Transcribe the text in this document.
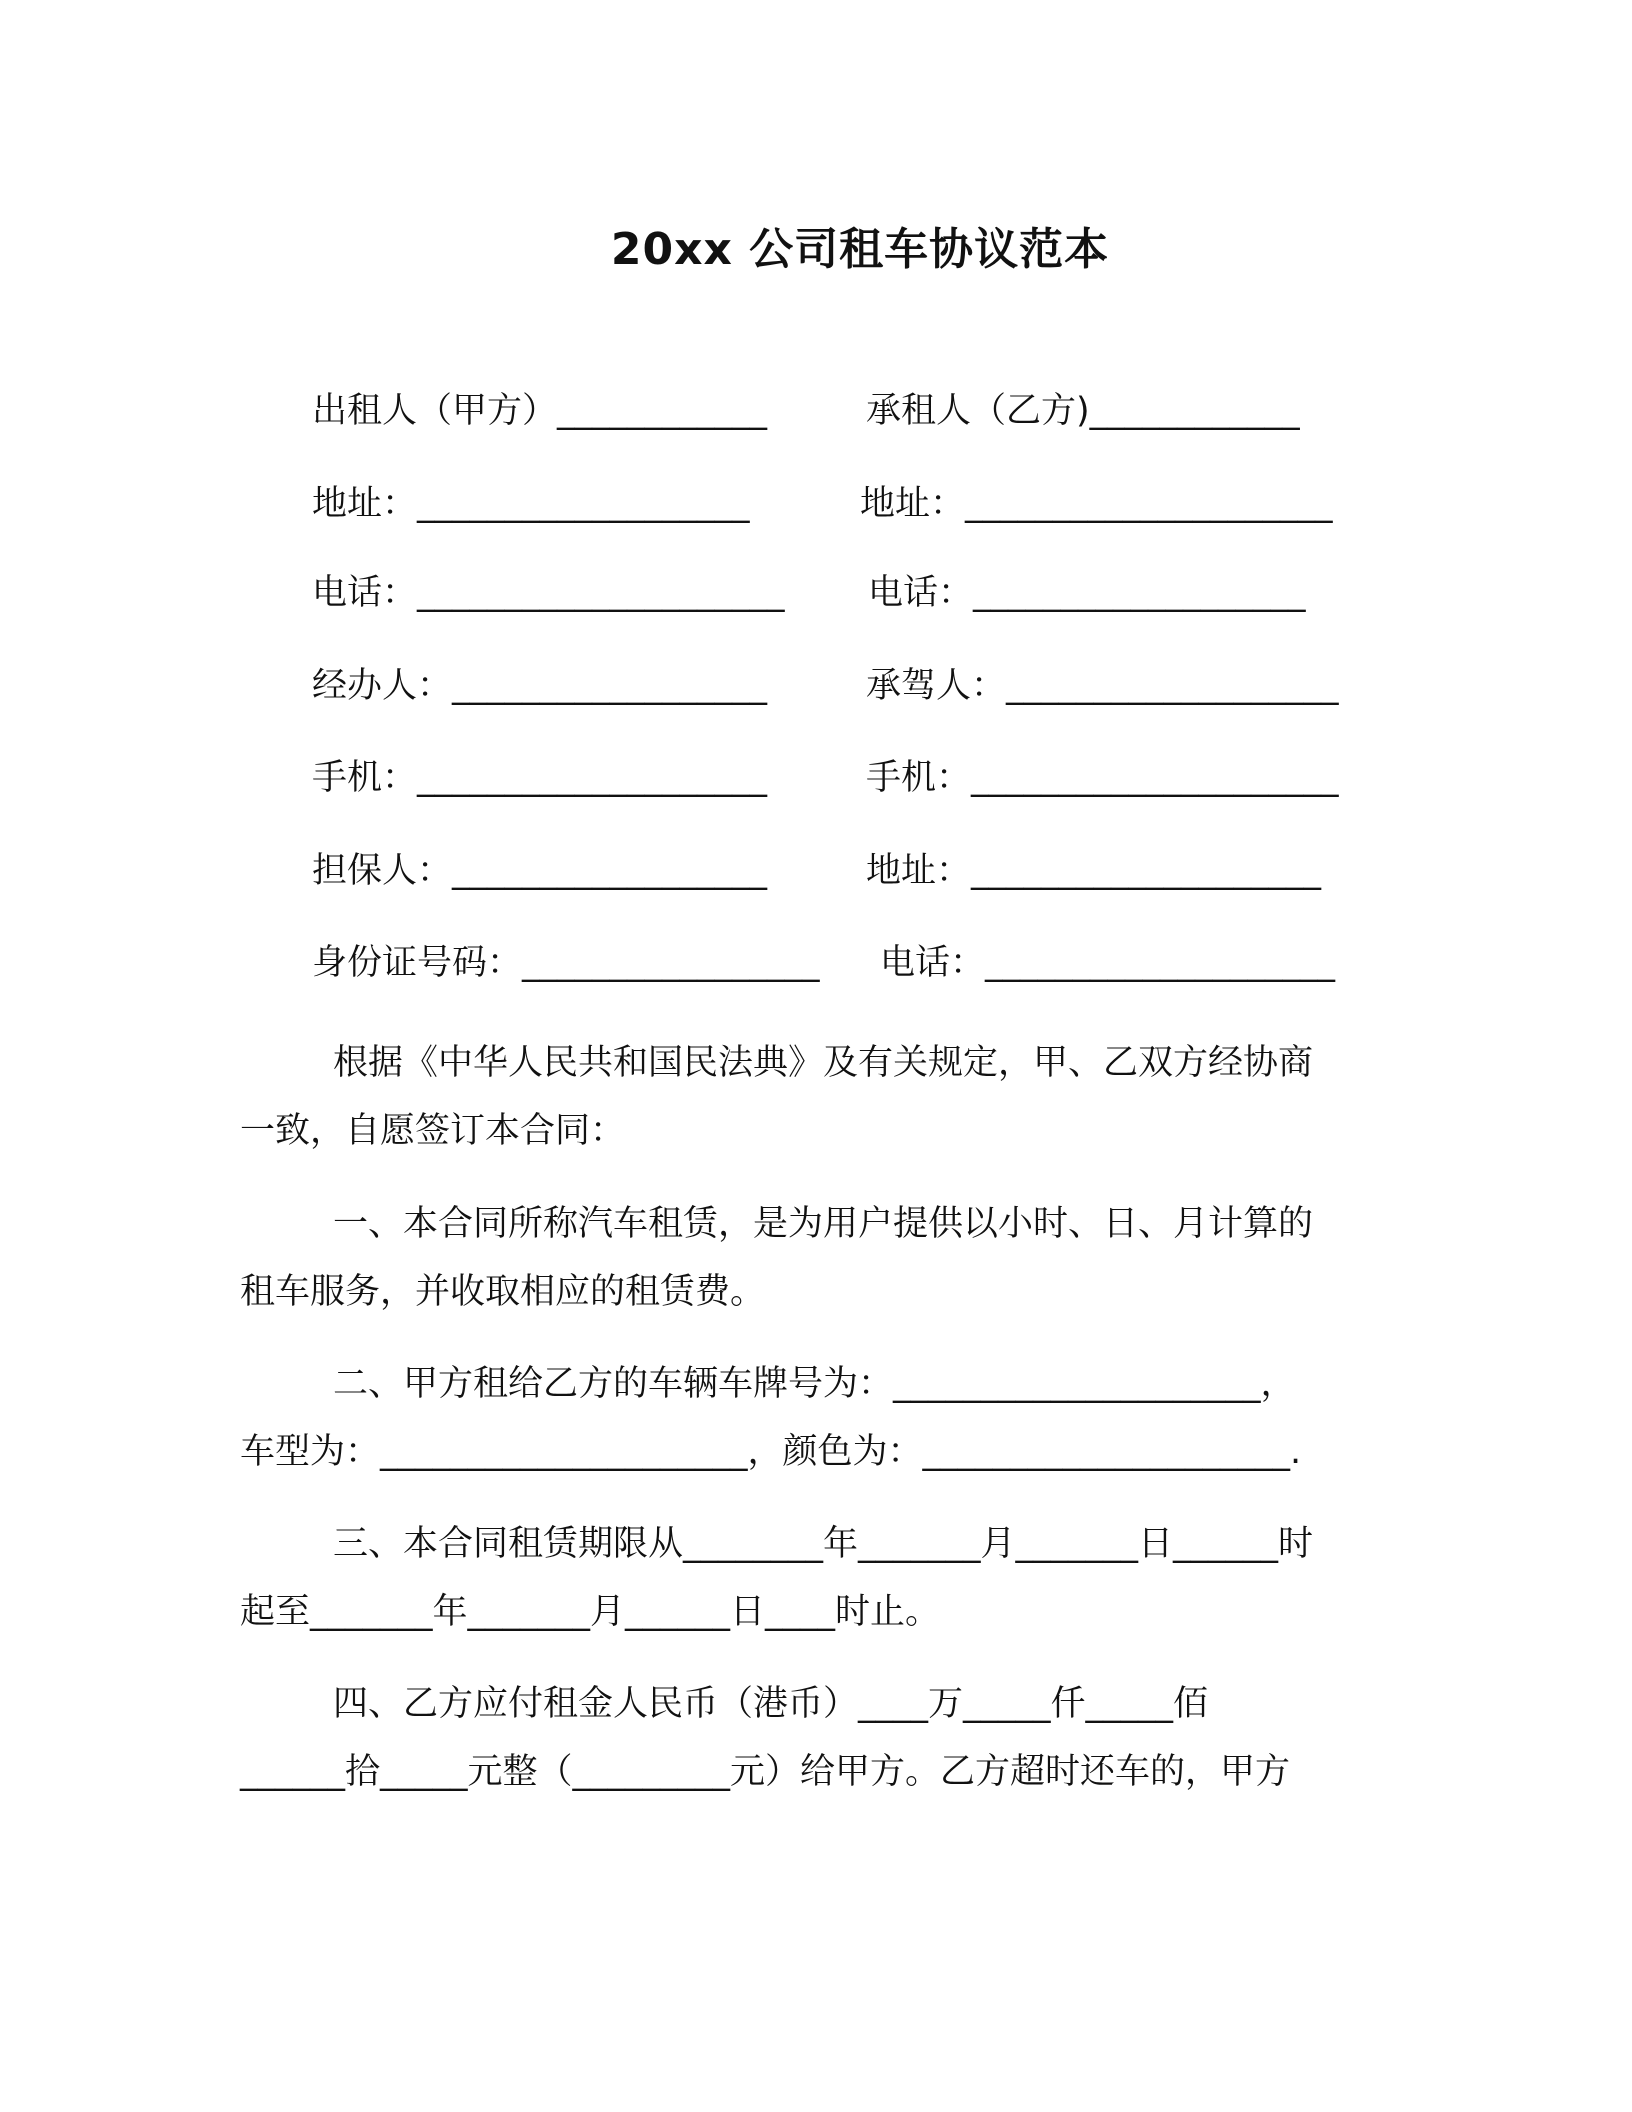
20xx 公司租车协议范本
出租人（甲方）____________
地址：___________________
电话：_____________________
经办人：__________________
手机：____________________
担保人：__________________
身份证号码：_________________
承租人（乙方)____________
地址：_____________________
电话：___________________
承驾人：___________________
手机：_____________________
地址：____________________
电话：____________________
根据《中华人民共和国民法典》及有关规定，甲、乙双方经协商
一致，自愿签订本合同：
一、本合同所称汽车租赁，是为用户提供以小时、日、月计算的
租车服务，并收取相应的租赁费。
二、甲方租给乙方的车辆车牌号为：_____________________，
车型为：_____________________，颜色为：_____________________.
三、本合同租赁期限从________年_______月_______日______时
起至_______年_______月______日____时止。
四、乙方应付租金人民币（港币）____万_____仟_____佰
______拾_____元整（_________元）给甲方。乙方超时还车的，甲方
